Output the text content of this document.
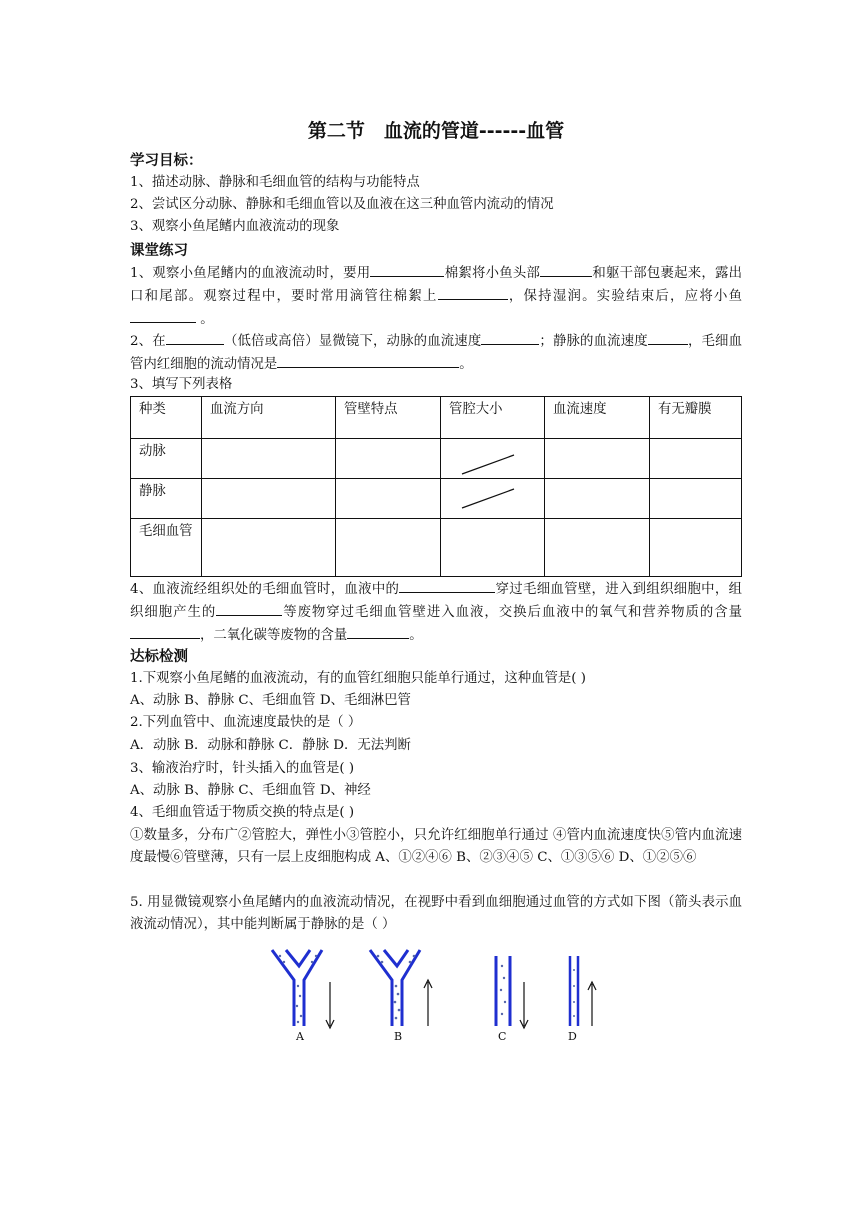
第二节　血流的管道------血管
学习目标：
1、描述动脉、静脉和毛细血管的结构与功能特点
2、尝试区分动脉、静脉和毛细血管以及血液在这三种血管内流动的情况
3、观察小鱼尾鳍内血液流动的现象
课堂练习
1、观察小鱼尾鳍内的血液流动时，要用	棉絮将小鱼头部	和躯干部包裹起来，露出口和尾部。观察过程中，要时常用滴管往棉絮上	，保持湿润。实验结束后，应将小鱼  。
2、在	（低倍或高倍）显微镜下，动脉的血流速度	；静脉的血流速度	，毛细血管内红细胞的流动情况是	。
3、填写下列表格
种类	血流方向	管壁特点	管腔大小	血流速度	有无瓣膜
动脉					
静脉					
毛细血管					
4、血液流经组织处的毛细血管时，血液中的	穿过毛细血管壁，进入到组织细胞中，组织细胞产生的	等废物穿过毛细血管壁进入血液，交换后血液中的氧气和营养物质的含量，二氧化碳等废物的含量	。
达标检测
1.下观察小鱼尾鳍的血液流动，有的血管红细胞只能单行通过，这种血管是( )
A、动脉 B、静脉 C、毛细血管 D、毛细淋巴管
2.下列血管中、血流速度最快的是（ ）
A．动脉 B．动脉和静脉 C．静脉 D．无法判断
3、输液治疗时，针头插入的血管是( )
A、动脉 B、静脉 C、毛细血管 D、神经
4、毛细血管适于物质交换的特点是( )
①数量多，分布广②管腔大，弹性小③管腔小，只允许红细胞单行通过 ④管内血流速度快⑤管内血流速度最慢⑥管壁薄，只有一层上皮细胞构成 A、①②④⑥ B、②③④⑤ C、①③⑤⑥ D、①②⑤⑥
5. 用显微镜观察小鱼尾鳍内的血液流动情况，在视野中看到血细胞通过血管的方式如下图（箭头表示血液流动情况），其中能判断属于静脉的是（ ）
A	B	C	D
